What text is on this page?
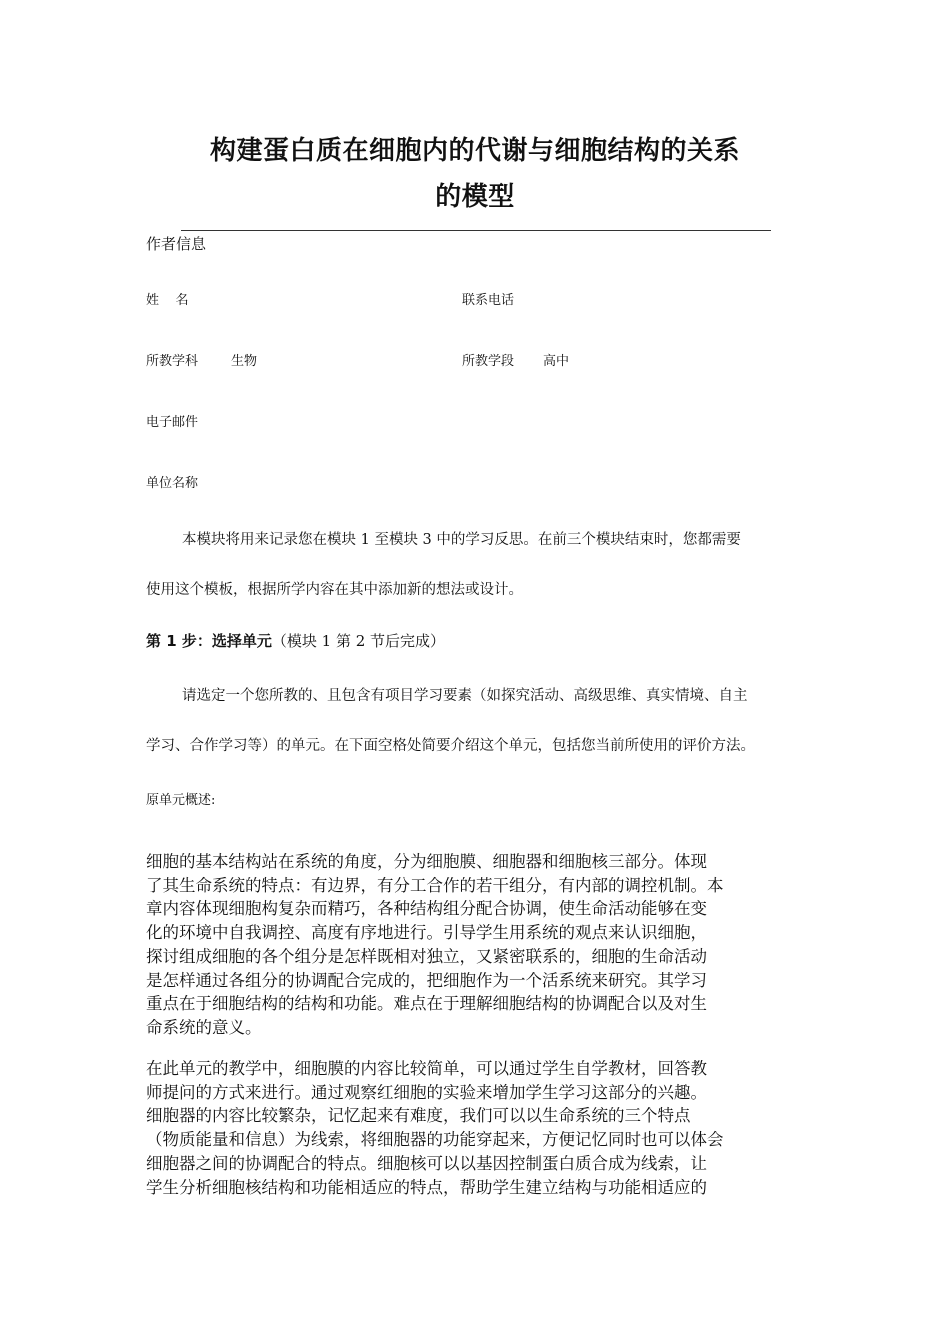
构建蛋白质在细胞内的代谢与细胞结构的关系
的模型
作者信息
姓    名	联系电话
所教学科	生物	所教学段 高中
电子邮件
单位名称
本模块将用来记录您在模块 1 至模块 3 中的学习反思。在前三个模块结束时，您都需要
使用这个模板，根据所学内容在其中添加新的想法或设计。
第 1 步：选择单元（模块 1 第 2 节后完成）
请选定一个您所教的、且包含有项目学习要素（如探究活动、高级思维、真实情境、自主
学习、合作学习等）的单元。在下面空格处简要介绍这个单元，包括您当前所使用的评价方法。
原单元概述:
细胞的基本结构站在系统的角度，分为细胞膜、细胞器和细胞核三部分。体现
了其生命系统的特点：有边界，有分工合作的若干组分，有内部的调控机制。本
章内容体现细胞构复杂而精巧，各种结构组分配合协调，使生命活动能够在变
化的环境中自我调控、高度有序地进行。引导学生用系统的观点来认识细胞，
探讨组成细胞的各个组分是怎样既相对独立，又紧密联系的，细胞的生命活动
是怎样通过各组分的协调配合完成的，把细胞作为一个活系统来研究。其学习
重点在于细胞结构的结构和功能。难点在于理解细胞结构的协调配合以及对生
命系统的意义。
在此单元的教学中，细胞膜的内容比较简单，可以通过学生自学教材，回答教
师提问的方式来进行。通过观察红细胞的实验来增加学生学习这部分的兴趣。
细胞器的内容比较繁杂，记忆起来有难度，我们可以以生命系统的三个特点
（物质能量和信息）为线索，将细胞器的功能穿起来，方便记忆同时也可以体会
细胞器之间的协调配合的特点。细胞核可以以基因控制蛋白质合成为线索，让
学生分析细胞核结构和功能相适应的特点，帮助学生建立结构与功能相适应的
